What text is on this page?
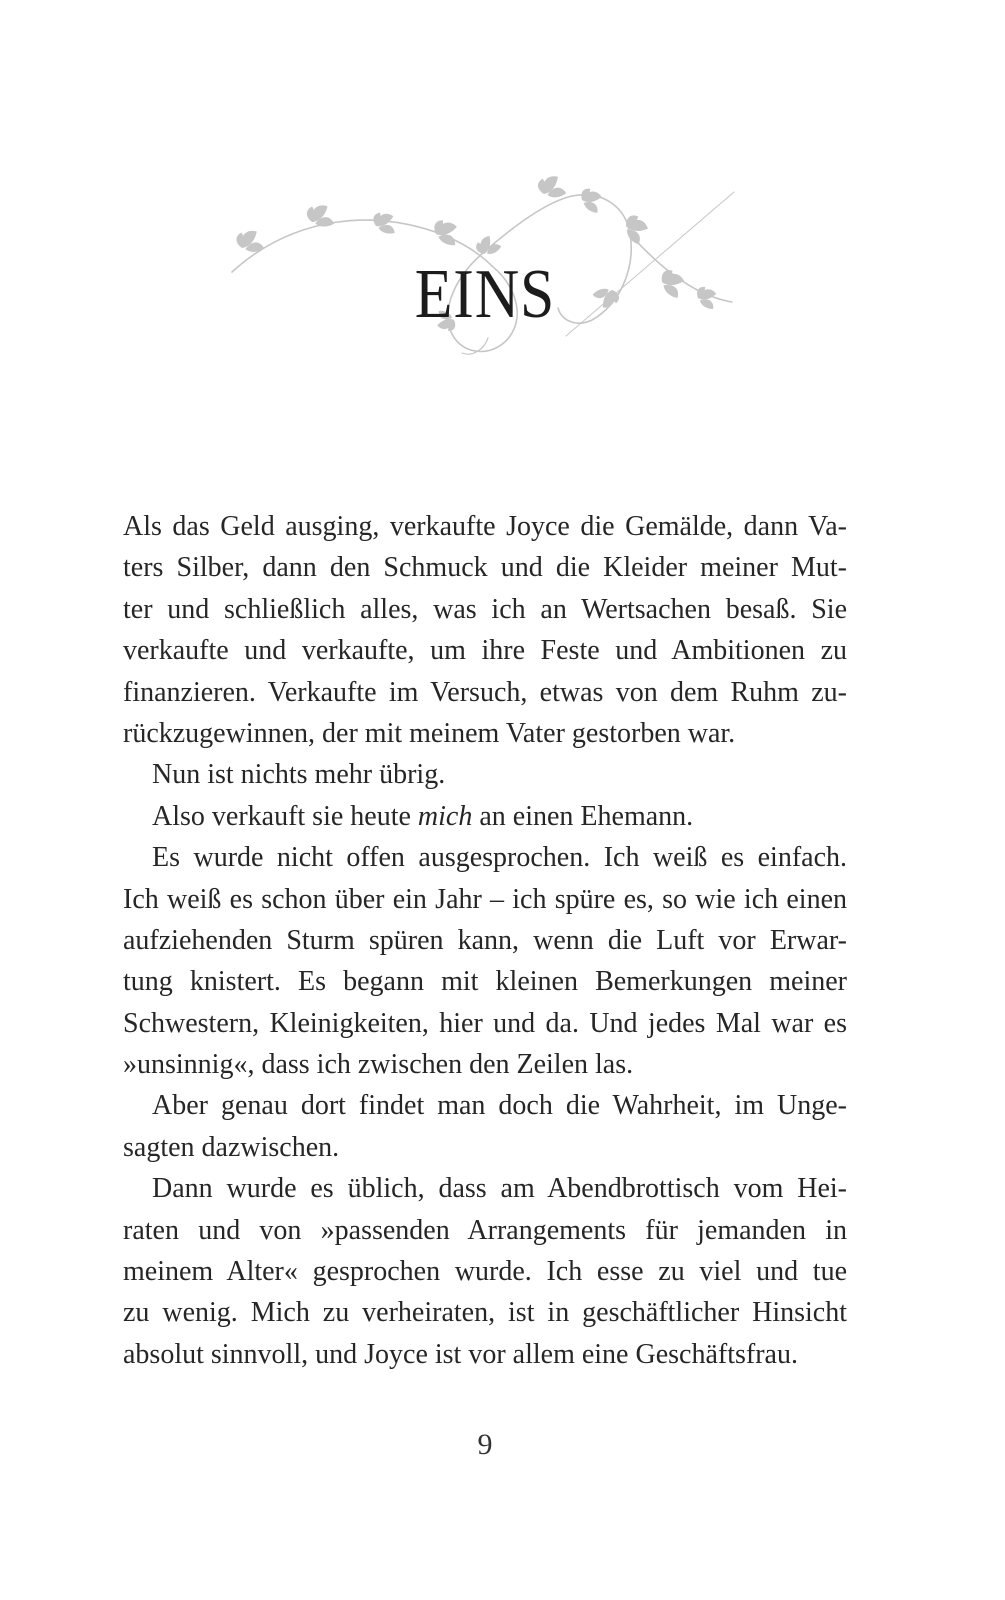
EINS
Als das Geld ausging, verkaufte Joyce die Gemälde, dann Va-
ters Silber, dann den Schmuck und die Kleider meiner Mut-
ter und schließlich alles, was ich an Wertsachen besaß. Sie
verkaufte und verkaufte, um ihre Feste und Ambitionen zu
finanzieren. Verkaufte im Versuch, etwas von dem Ruhm zu-
rückzugewinnen, der mit meinem Vater gestorben war.
Nun ist nichts mehr übrig.
Also verkauft sie heute mich an einen Ehemann.
Es wurde nicht offen ausgesprochen. Ich weiß es einfach.
Ich weiß es schon über ein Jahr – ich spüre es, so wie ich einen
aufziehenden Sturm spüren kann, wenn die Luft vor Erwar-
tung knistert. Es begann mit kleinen Bemerkungen meiner
Schwestern, Kleinigkeiten, hier und da. Und jedes Mal war es
»unsinnig«, dass ich zwischen den Zeilen las.
Aber genau dort findet man doch die Wahrheit, im Unge-
sagten dazwischen.
Dann wurde es üblich, dass am Abendbrottisch vom Hei-
raten und von »passenden Arrangements für jemanden in
meinem Alter« gesprochen wurde. Ich esse zu viel und tue
zu wenig. Mich zu verheiraten, ist in geschäftlicher Hinsicht
absolut sinnvoll, und Joyce ist vor allem eine Geschäftsfrau.
9
